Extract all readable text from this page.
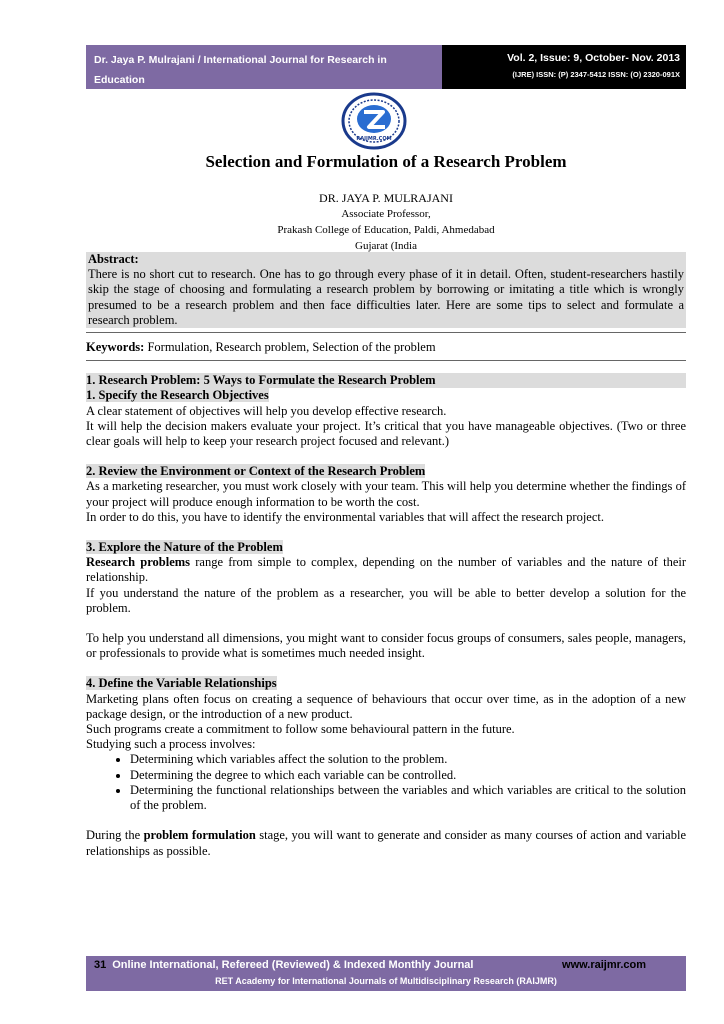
Dr. Jaya P. Mulrajani / International Journal for Research in
Education
Vol. 2, Issue: 9, October- Nov. 2013
(IJRE) ISSN: (P) 2347-5412 ISSN: (O) 2320-091X
RAIJMR.COM
Selection and Formulation of a Research Problem
DR. JAYA P. MULRAJANI
Associate Professor,
Prakash College of Education, Paldi, Ahmedabad
Gujarat (India
Abstract:
There is no short cut to research. One has to go through every phase of it in detail. Often, student-researchers hastily skip the stage of choosing and formulating a research problem by borrowing or imitating a title which is wrongly presumed to be a research problem and then face difficulties later. Here are some tips to select and formulate a research problem.
Keywords: Formulation, Research problem, Selection of the problem
1. Research Problem: 5 Ways to Formulate the Research Problem
1. Specify the Research Objectives
A clear statement of objectives will help you develop effective research.
It will help the decision makers evaluate your project. It’s critical that you have manageable objectives. (Two or three clear goals will help to keep your research project focused and relevant.)
2. Review the Environment or Context of the Research Problem
As a marketing researcher, you must work closely with your team. This will help you determine whether the findings of your project will produce enough information to be worth the cost.
In order to do this, you have to identify the environmental variables that will affect the research project.
3. Explore the Nature of the Problem
Research problems range from simple to complex, depending on the number of variables and the nature of their relationship.
If you understand the nature of the problem as a researcher, you will be able to better develop a solution for the problem.
To help you understand all dimensions, you might want to consider focus groups of consumers, sales people, managers, or professionals to provide what is sometimes much needed insight.
4. Define the Variable Relationships
Marketing plans often focus on creating a sequence of behaviours that occur over time, as in the adoption of a new package design, or the introduction of a new product.
Such programs create a commitment to follow some behavioural pattern in the future.
Studying such a process involves:
• Determining which variables affect the solution to the problem.
• Determining the degree to which each variable can be controlled.
• Determining the functional relationships between the variables and which variables are critical to the solution of the problem.
During the problem formulation stage, you will want to generate and consider as many courses of action and variable relationships as possible.
31 Online International, Refereed (Reviewed) & Indexed Monthly Journal	www.raijmr.com
RET Academy for International Journals of Multidisciplinary Research (RAIJMR)
